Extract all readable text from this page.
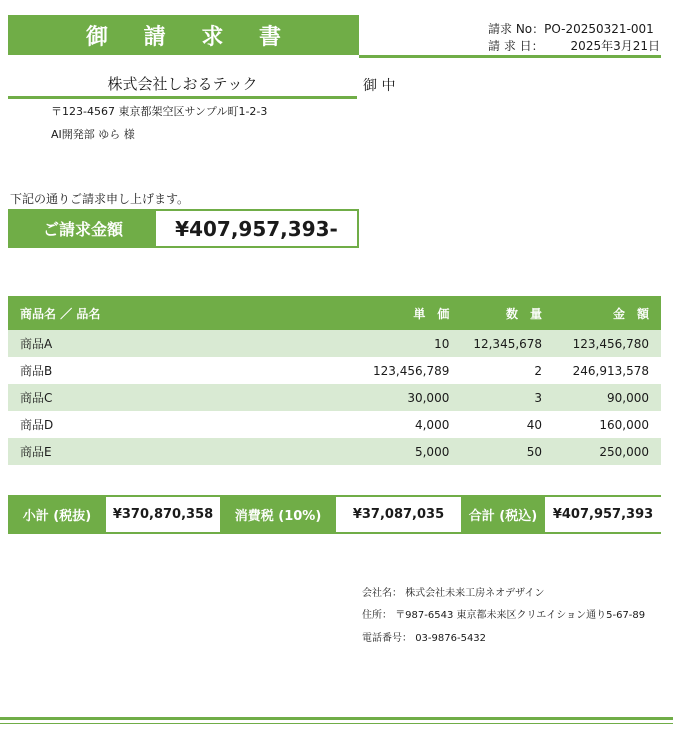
御 請 求 書	請求 No：PO-20250321-001
請 求 日： 2025年3月21日
株式会社しおるテック	御 中
〒123-4567 東京都架空区サンプル町1-2-3
AI開発部 ゆら 様
下記の通りご請求申し上げます。
ご請求金額	¥407,957,393-
商品名 ／ 品名	単　価	数　量	金　額
商品A	10	12,345,678	123,456,780
商品B	123,456,789	2	246,913,578
商品C	30,000	3	90,000
商品D	4,000	40	160,000
商品E	5,000	50	250,000
小計 (税抜)	¥370,870,358	消費税 (10%)	¥37,087,035	合計 (税込)	¥407,957,393
会社名： 株式会社未来工房ネオデザイン
住所： 〒987-6543 東京都未来区クリエイション通り5-67-89
電話番号： 03-9876-5432
